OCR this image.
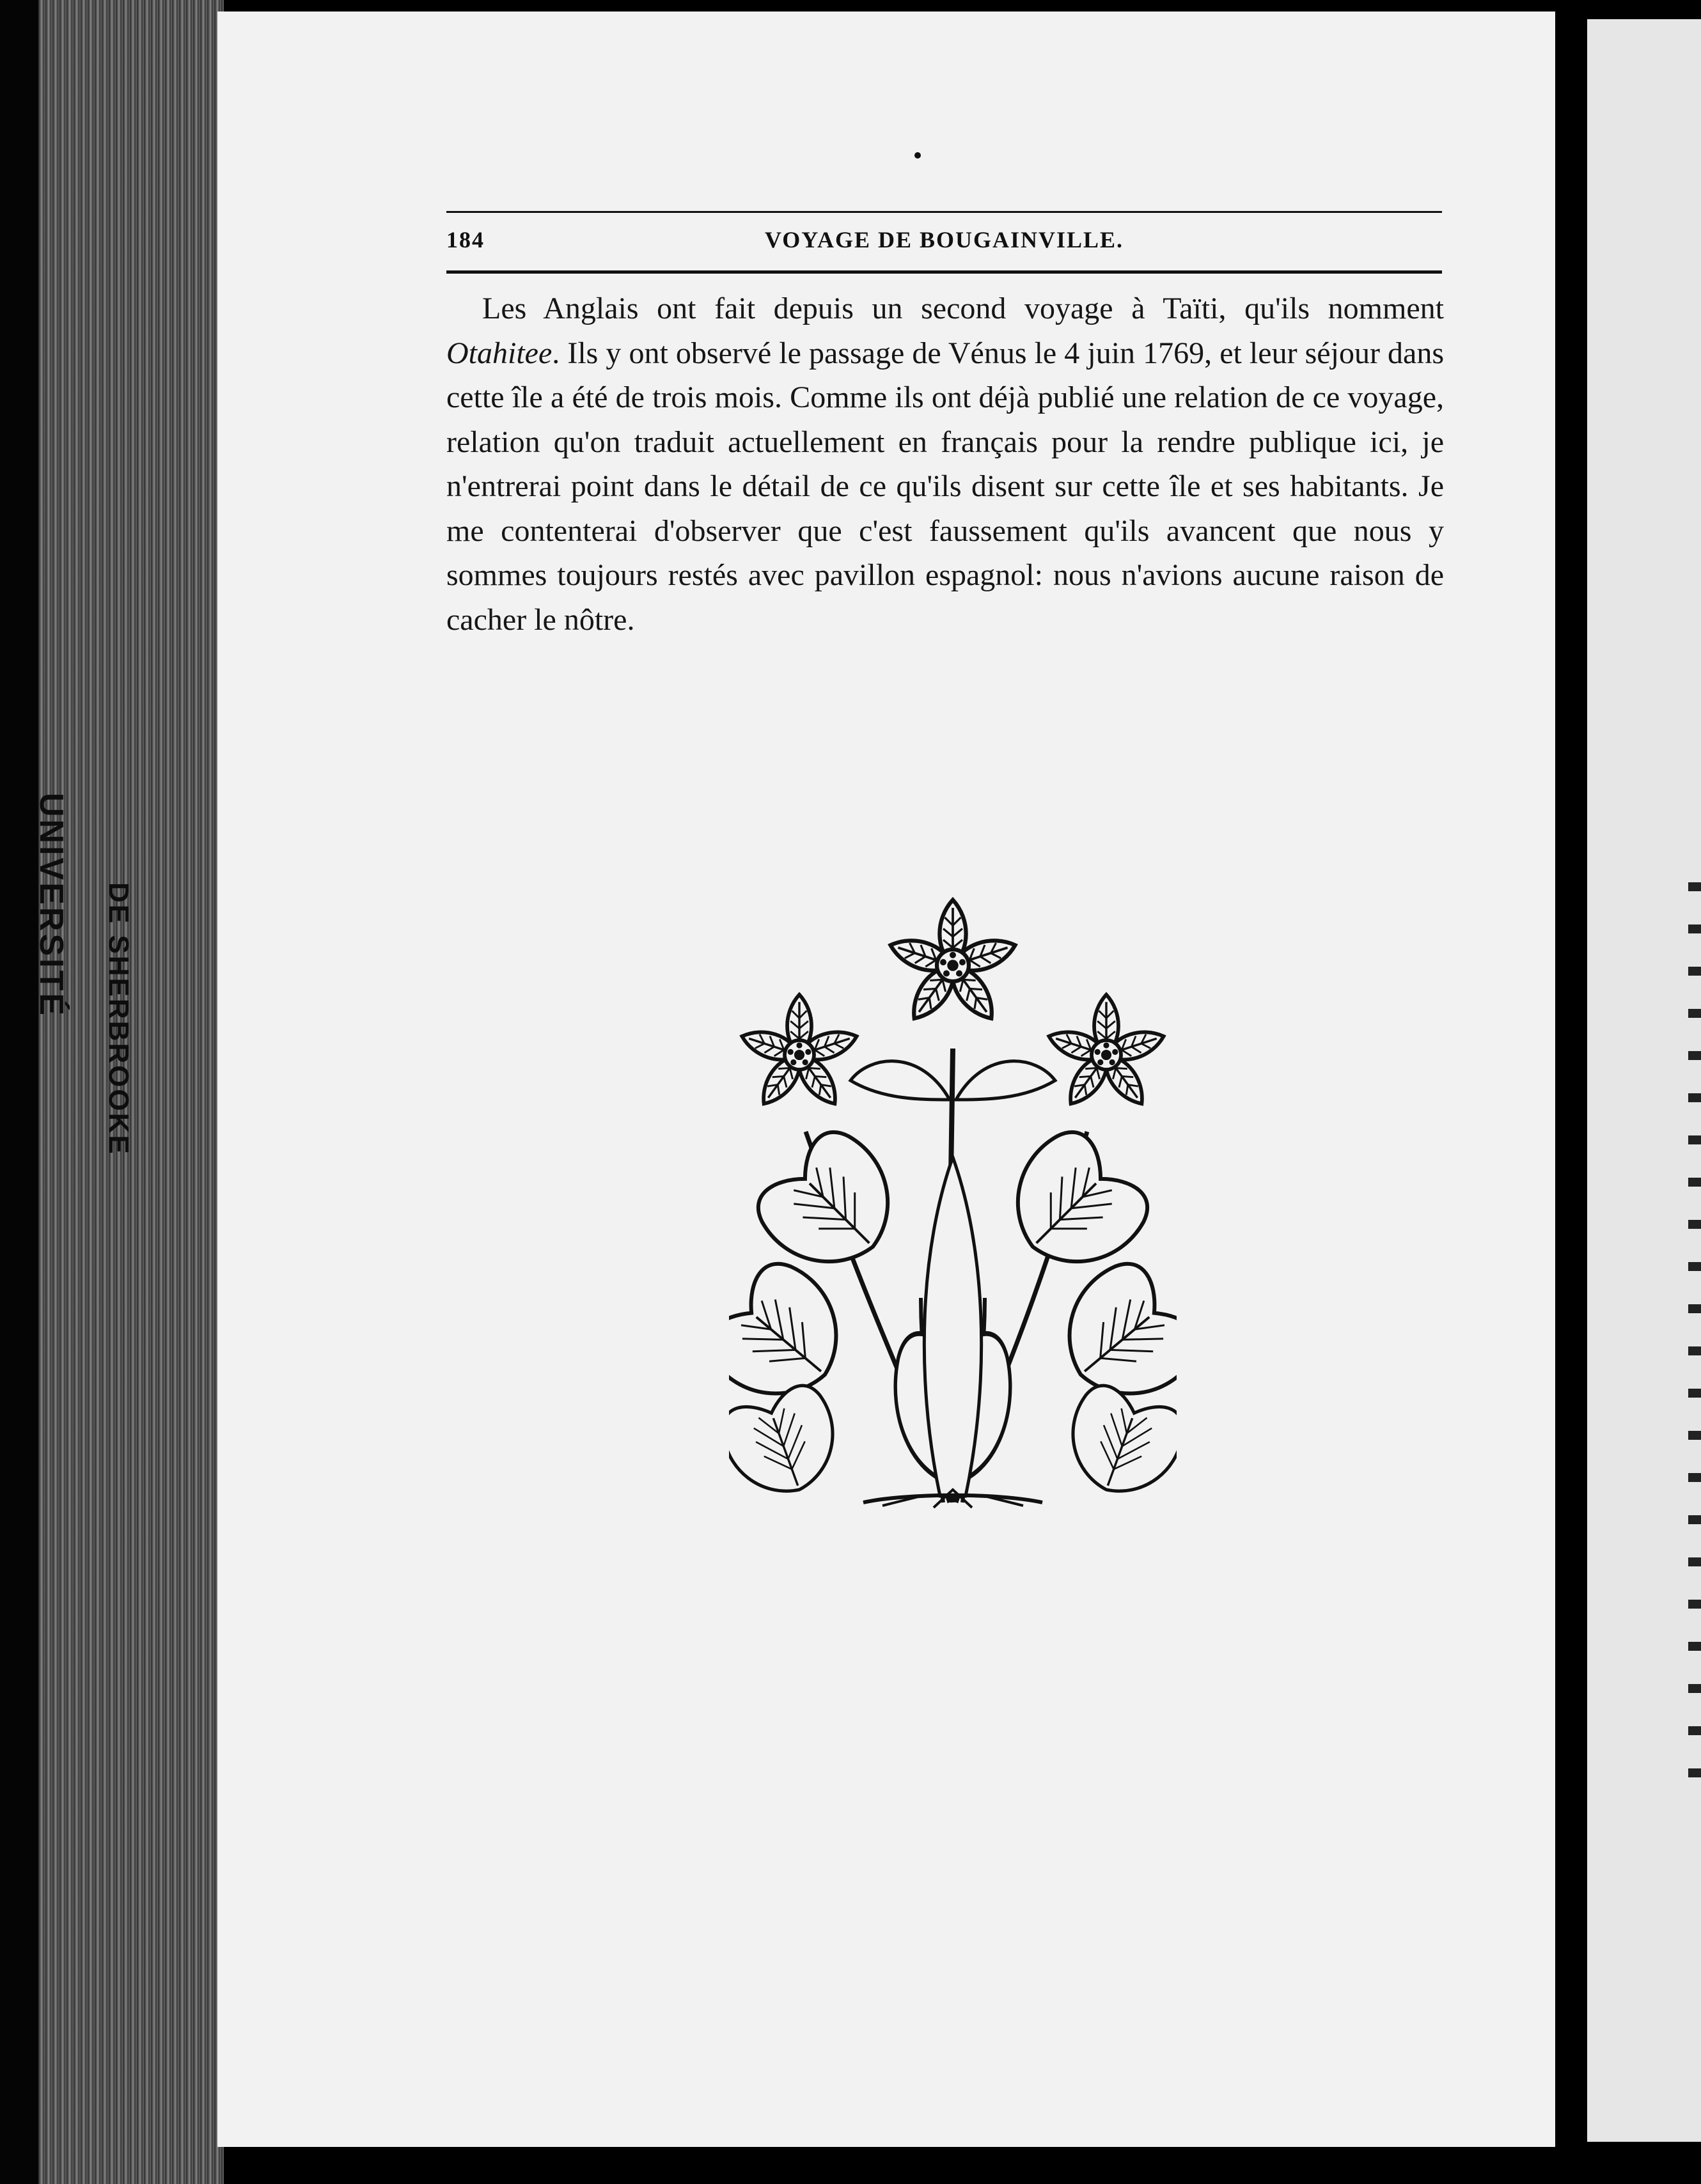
UNIVERSITÉ DE SHERBROOKE
184	VOYAGE DE BOUGAINVILLE.

Les Anglais ont fait depuis un second voyage à Taïti, qu'ils nomment Otahitee. Ils y ont observé le passage de Vénus le 4 juin 1769, et leur séjour dans cette île a été de trois mois. Comme ils ont déjà publié une relation de ce voyage, relation qu'on traduit actuellement en français pour la rendre publique ici, je n'entrerai point dans le détail de ce qu'ils disent sur cette île et ses habitants. Je me contenterai d'observer que c'est faussement qu'ils avancent que nous y sommes toujours restés avec pavillon espagnol: nous n'avions aucune raison de cacher le nôtre.
